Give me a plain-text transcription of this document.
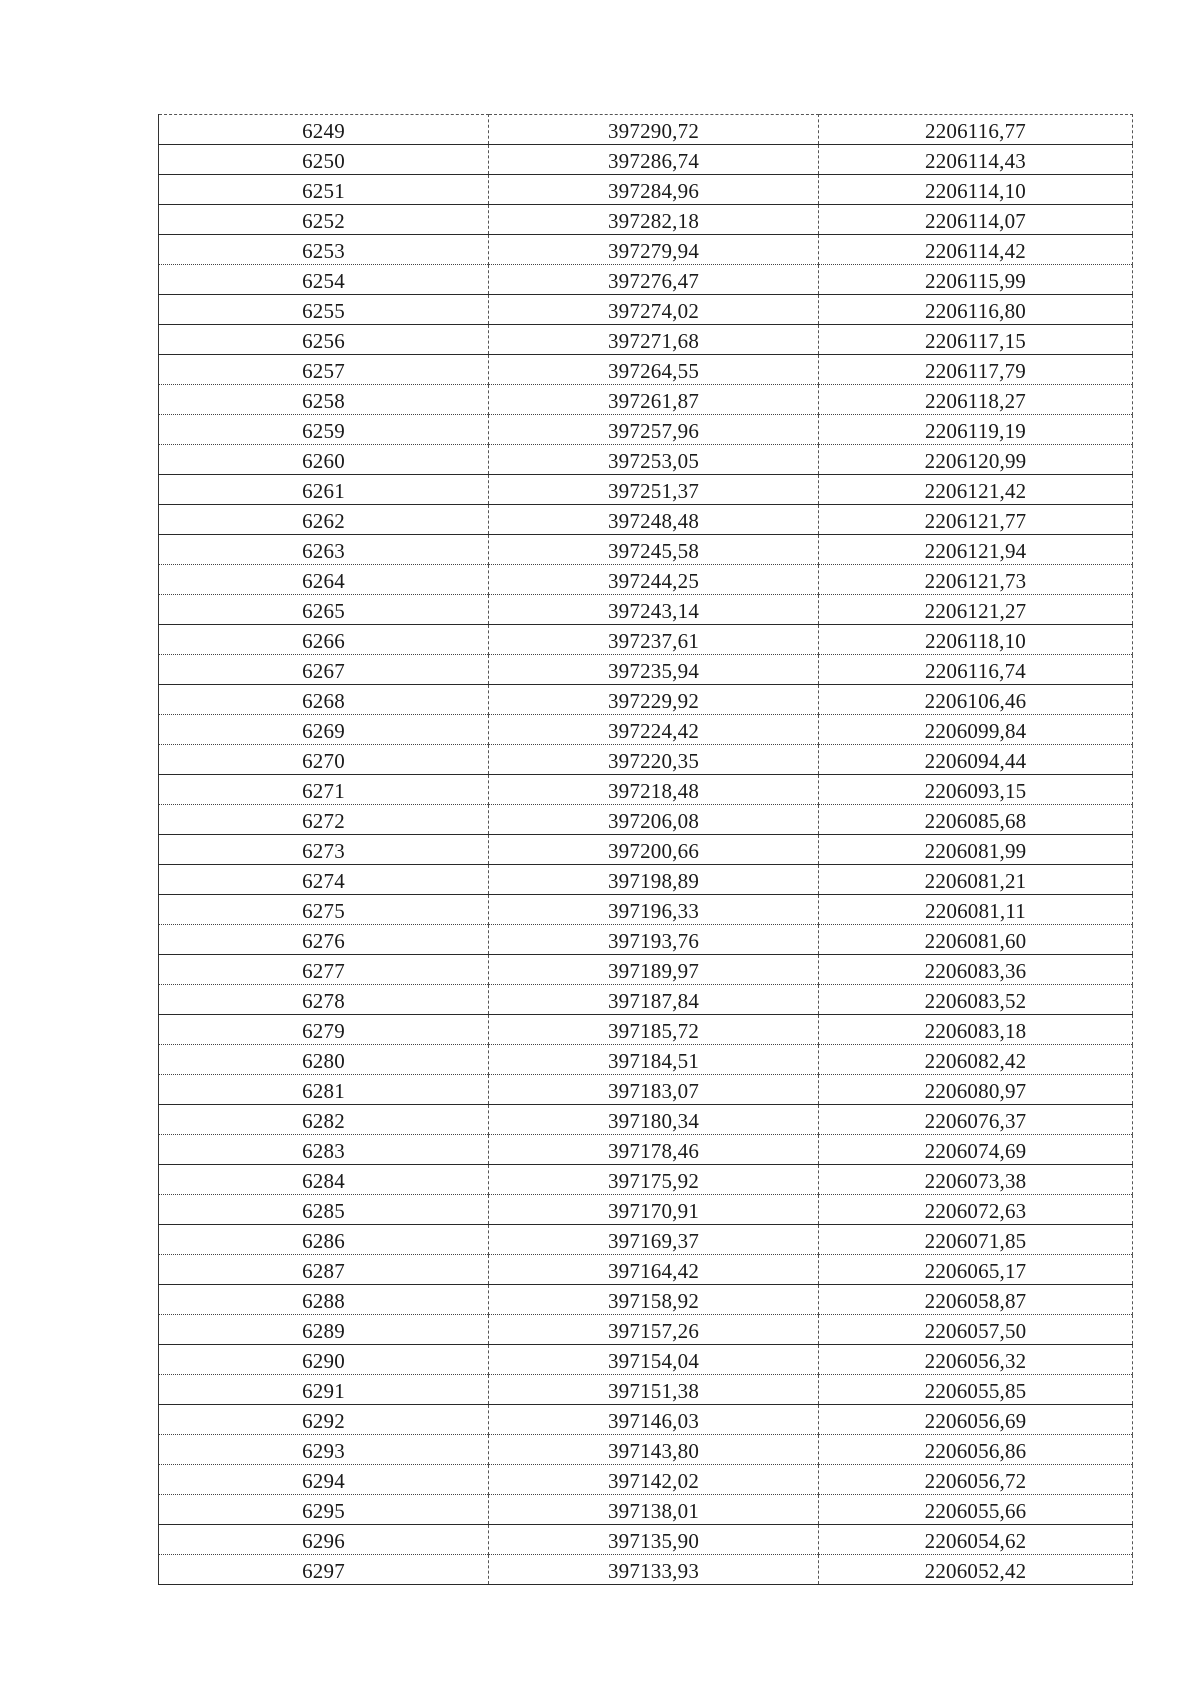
6249	397290,72	2206116,77
6250	397286,74	2206114,43
6251	397284,96	2206114,10
6252	397282,18	2206114,07
6253	397279,94	2206114,42
6254	397276,47	2206115,99
6255	397274,02	2206116,80
6256	397271,68	2206117,15
6257	397264,55	2206117,79
6258	397261,87	2206118,27
6259	397257,96	2206119,19
6260	397253,05	2206120,99
6261	397251,37	2206121,42
6262	397248,48	2206121,77
6263	397245,58	2206121,94
6264	397244,25	2206121,73
6265	397243,14	2206121,27
6266	397237,61	2206118,10
6267	397235,94	2206116,74
6268	397229,92	2206106,46
6269	397224,42	2206099,84
6270	397220,35	2206094,44
6271	397218,48	2206093,15
6272	397206,08	2206085,68
6273	397200,66	2206081,99
6274	397198,89	2206081,21
6275	397196,33	2206081,11
6276	397193,76	2206081,60
6277	397189,97	2206083,36
6278	397187,84	2206083,52
6279	397185,72	2206083,18
6280	397184,51	2206082,42
6281	397183,07	2206080,97
6282	397180,34	2206076,37
6283	397178,46	2206074,69
6284	397175,92	2206073,38
6285	397170,91	2206072,63
6286	397169,37	2206071,85
6287	397164,42	2206065,17
6288	397158,92	2206058,87
6289	397157,26	2206057,50
6290	397154,04	2206056,32
6291	397151,38	2206055,85
6292	397146,03	2206056,69
6293	397143,80	2206056,86
6294	397142,02	2206056,72
6295	397138,01	2206055,66
6296	397135,90	2206054,62
6297	397133,93	2206052,42
